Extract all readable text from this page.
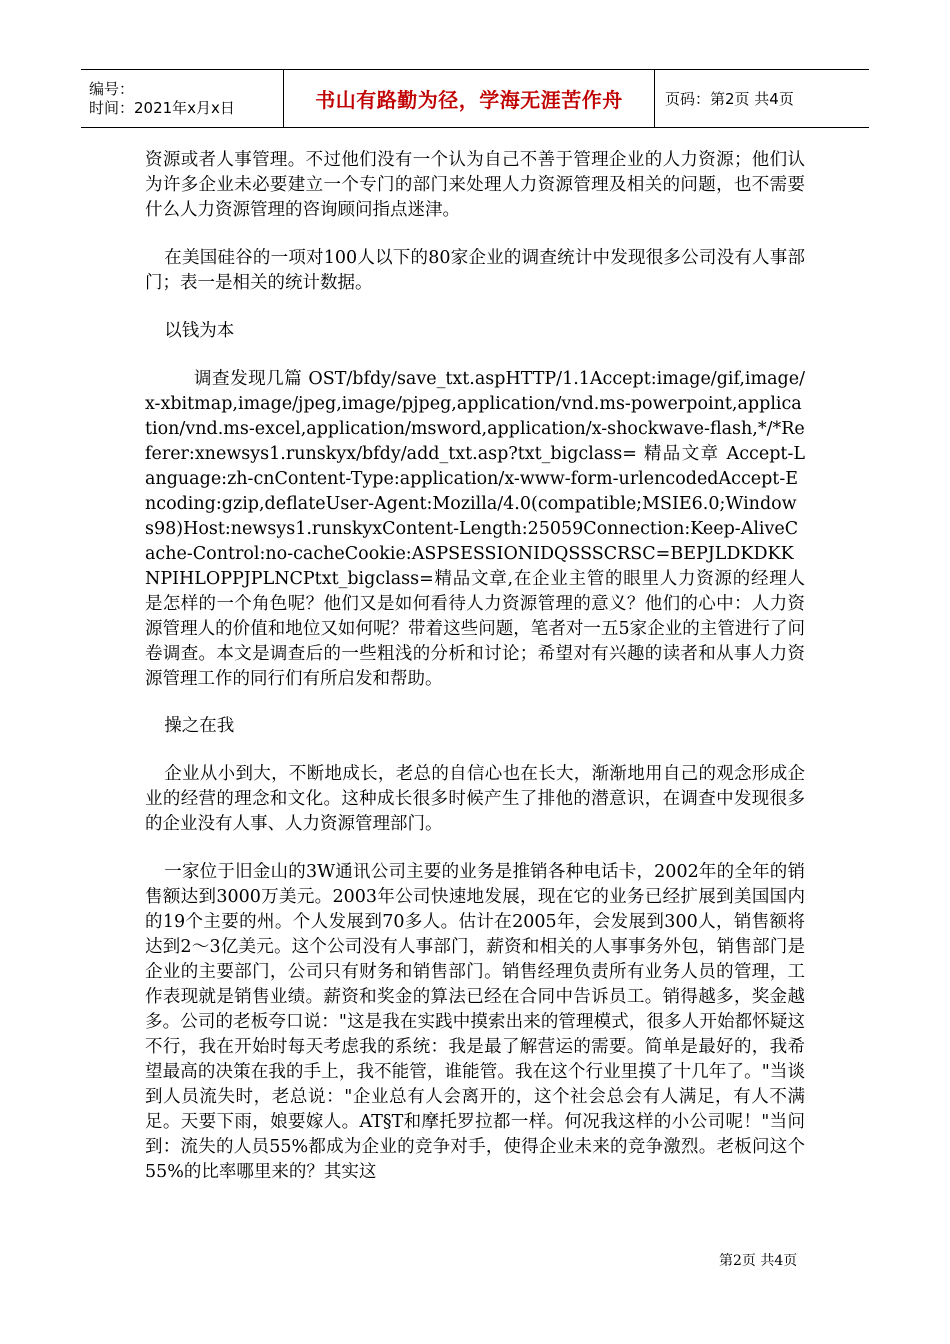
编号：
时间：2021年x月x日	书山有路勤为径，学海无涯苦作舟	页码：第2页 共4页

资源或者人事管理。不过他们没有一个认为自己不善于管理企业的人力资源；他们认为许多企业未必要建立一个专门的部门来处理人力资源管理及相关的问题，也不需要什么人力资源管理的咨询顾问指点迷津。

在美国硅谷的一项对100人以下的80家企业的调查统计中发现很多公司没有人事部门；表一是相关的统计数据。

以钱为本

调查发现几篇 OST/bfdy/save_txt.aspHTTP/1.1Accept:image/gif,image/x-xbitmap,image/jpeg,image/pjpeg,application/vnd.ms-powerpoint,application/vnd.ms-excel,application/msword,application/x-shockwave-flash,*/*Referer:xnewsys1.runskyx/bfdy/add_txt.asp?txt_bigclass= 精品文章 Accept-Language:zh-cnContent-Type:application/x-www-form-urlencodedAccept-Encoding:gzip,deflateUser-Agent:Mozilla/4.0(compatible;MSIE6.0;Windows98)Host:newsys1.runskyxContent-Length:25059Connection:Keep-AliveCache-Control:no-cacheCookie:ASPSESSIONIDQSSSCRSC=BEPJLDKDKKNPIHLOPPJPLNCPtxt_bigclass=精品文章,在企业主管的眼里人力资源的经理人是怎样的一个角色呢？他们又是如何看待人力资源管理的意义？他们的心中：人力资源管理人的价值和地位又如何呢？带着这些问题，笔者对一五5家企业的主管进行了问卷调查。本文是调查后的一些粗浅的分析和讨论；希望对有兴趣的读者和从事人力资源管理工作的同行们有所启发和帮助。

操之在我

企业从小到大，不断地成长，老总的自信心也在长大，渐渐地用自己的观念形成企业的经营的理念和文化。这种成长很多时候产生了排他的潜意识，在调查中发现很多的企业没有人事、人力资源管理部门。

一家位于旧金山的3W通讯公司主要的业务是推销各种电话卡，2002年的全年的销售额达到3000万美元。2003年公司快速地发展，现在它的业务已经扩展到美国国内的19个主要的州。个人发展到70多人。估计在2005年，会发展到300人，销售额将达到2～3亿美元。这个公司没有人事部门，薪资和相关的人事事务外包，销售部门是企业的主要部门，公司只有财务和销售部门。销售经理负责所有业务人员的管理，工作表现就是销售业绩。薪资和奖金的算法已经在合同中告诉员工。销得越多，奖金越多。公司的老板夸口说："这是我在实践中摸索出来的管理模式，很多人开始都怀疑这不行，我在开始时每天考虑我的系统：我是最了解营运的需要。简单是最好的，我希望最高的决策在我的手上，我不能管，谁能管。我在这个行业里摸了十几年了。"当谈到人员流失时，老总说："企业总有人会离开的，这个社会总会有人满足，有人不满足。天要下雨，娘要嫁人。AT§T和摩托罗拉都一样。何况我这样的小公司呢！"当问到：流失的人员55%都成为企业的竞争对手，使得企业未来的竞争激烈。老板问这个55%的比率哪里来的？其实这

第2页 共4页
